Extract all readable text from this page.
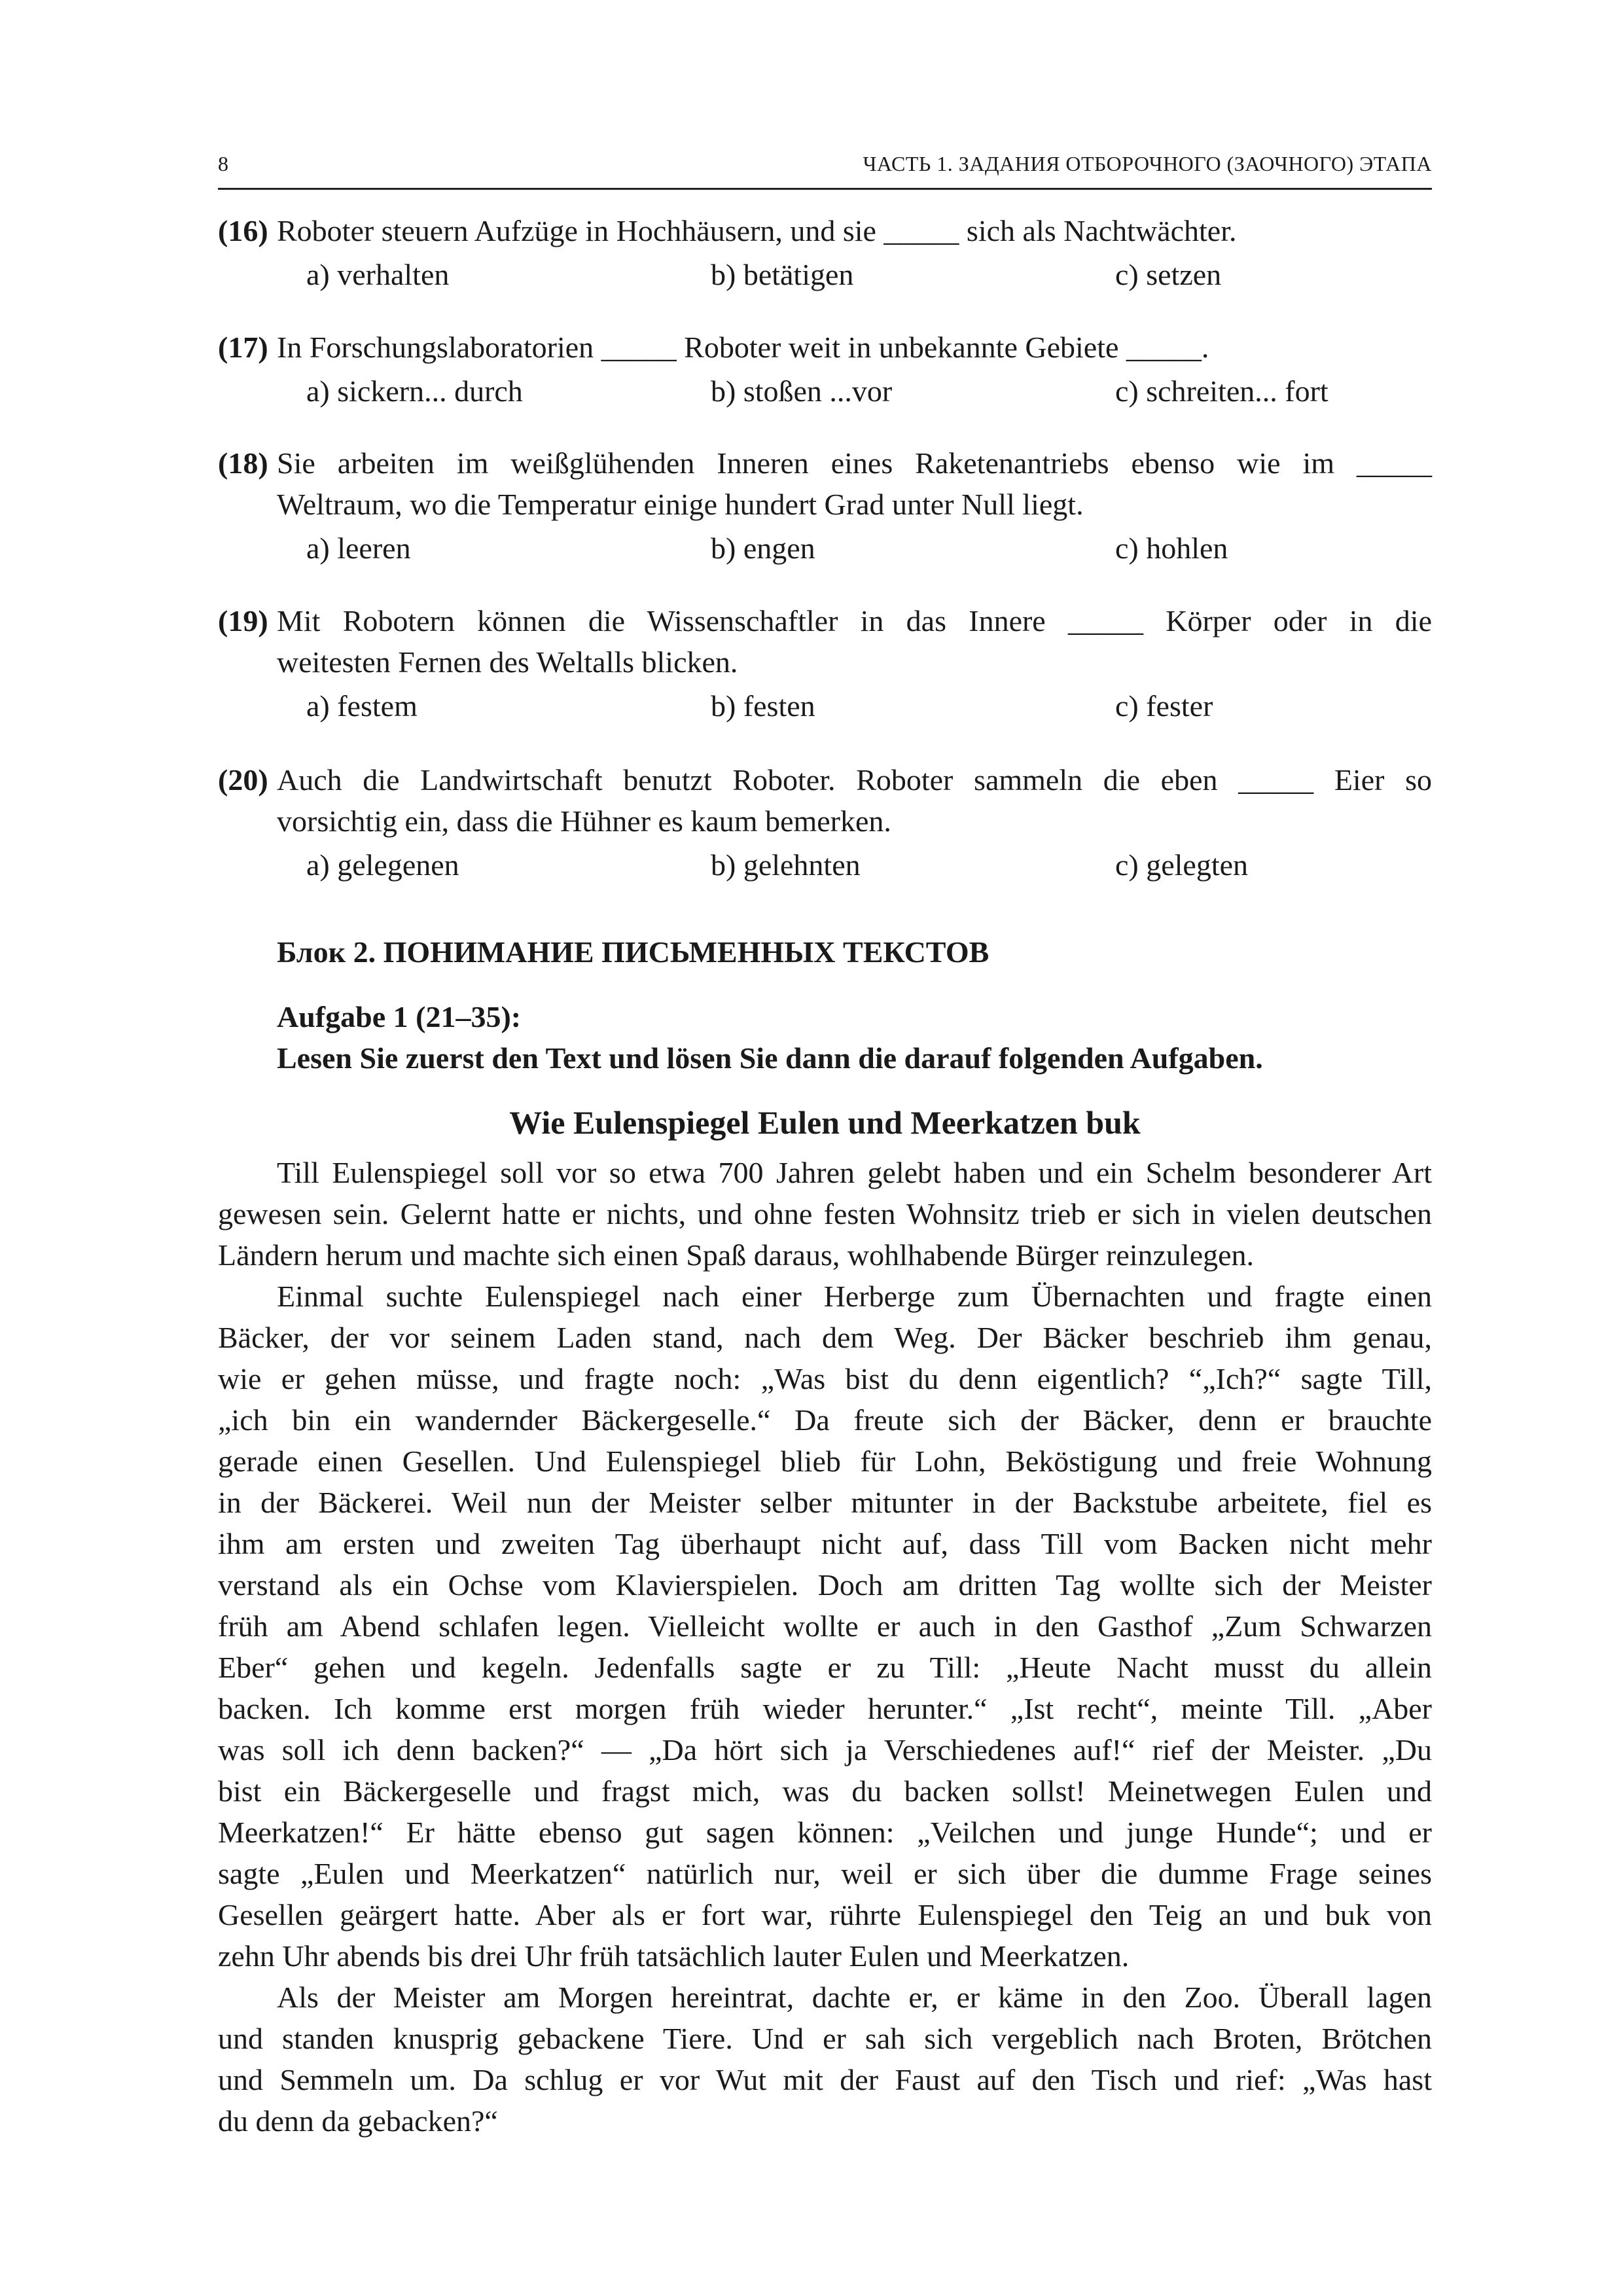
8	ЧАСТЬ 1. ЗАДАНИЯ ОТБОРОЧНОГО (ЗАОЧНОГО) ЭТАПА
(16) Roboter steuern Aufzüge in Hochhäusern, und sie _____ sich als Nachtwächter.
a) verhalten	b) betätigen	c) setzen
(17) In Forschungslaboratorien _____ Roboter weit in unbekannte Gebiete _____.
a) sickern... durch	b) stoßen ...vor	c) schreiten... fort
(18) Sie arbeiten im weißglühenden Inneren eines Raketenantriebs ebenso wie im _____
Weltraum, wo die Temperatur einige hundert Grad unter Null liegt.
a) leeren	b) engen	c) hohlen
(19) Mit Robotern können die Wissenschaftler in das Innere _____ Körper oder in die
weitesten Fernen des Weltalls blicken.
a) festem	b) festen	c) fester
(20) Auch die Landwirtschaft benutzt Roboter. Roboter sammeln die eben _____ Eier so
vorsichtig ein, dass die Hühner es kaum bemerken.
a) gelegenen	b) gelehnten	c) gelegten
Блок 2. ПОНИМАНИЕ ПИСЬМЕННЫХ ТЕКСТОВ
Aufgabe 1 (21–35):
Lesen Sie zuerst den Text und lösen Sie dann die darauf folgenden Aufgaben.
Wie Eulenspiegel Eulen und Meerkatzen buk
Till Eulenspiegel soll vor so etwa 700 Jahren gelebt haben und ein Schelm besonderer Art
gewesen sein. Gelernt hatte er nichts, und ohne festen Wohnsitz trieb er sich in vielen deutschen
Ländern herum und machte sich einen Spaß daraus, wohlhabende Bürger reinzulegen.
Einmal suchte Eulenspiegel nach einer Herberge zum Übernachten und fragte einen
Bäcker, der vor seinem Laden stand, nach dem Weg. Der Bäcker beschrieb ihm genau,
wie er gehen müsse, und fragte noch: „Was bist du denn eigentlich? “„Ich?“ sagte Till,
„ich bin ein wandernder Bäckergeselle.“ Da freute sich der Bäcker, denn er brauchte
gerade einen Gesellen. Und Eulenspiegel blieb für Lohn, Beköstigung und freie Wohnung
in der Bäckerei. Weil nun der Meister selber mitunter in der Backstube arbeitete, fiel es
ihm am ersten und zweiten Tag überhaupt nicht auf, dass Till vom Backen nicht mehr
verstand als ein Ochse vom Klavierspielen. Doch am dritten Tag wollte sich der Meister
früh am Abend schlafen legen. Vielleicht wollte er auch in den Gasthof „Zum Schwarzen
Eber“ gehen und kegeln. Jedenfalls sagte er zu Till: „Heute Nacht musst du allein
backen. Ich komme erst morgen früh wieder herunter.“ „Ist recht“, meinte Till. „Aber
was soll ich denn backen?“ — „Da hört sich ja Verschiedenes auf!“ rief der Meister. „Du
bist ein Bäckergeselle und fragst mich, was du backen sollst! Meinetwegen Eulen und
Meerkatzen!“ Er hätte ebenso gut sagen können: „Veilchen und junge Hunde“; und er
sagte „Eulen und Meerkatzen“ natürlich nur, weil er sich über die dumme Frage seines
Gesellen geärgert hatte. Aber als er fort war, rührte Eulenspiegel den Teig an und buk von
zehn Uhr abends bis drei Uhr früh tatsächlich lauter Eulen und Meerkatzen.
Als der Meister am Morgen hereintrat, dachte er, er käme in den Zoo. Überall lagen
und standen knusprig gebackene Tiere. Und er sah sich vergeblich nach Broten, Brötchen
und Semmeln um. Da schlug er vor Wut mit der Faust auf den Tisch und rief: „Was hast
du denn da gebacken?“
